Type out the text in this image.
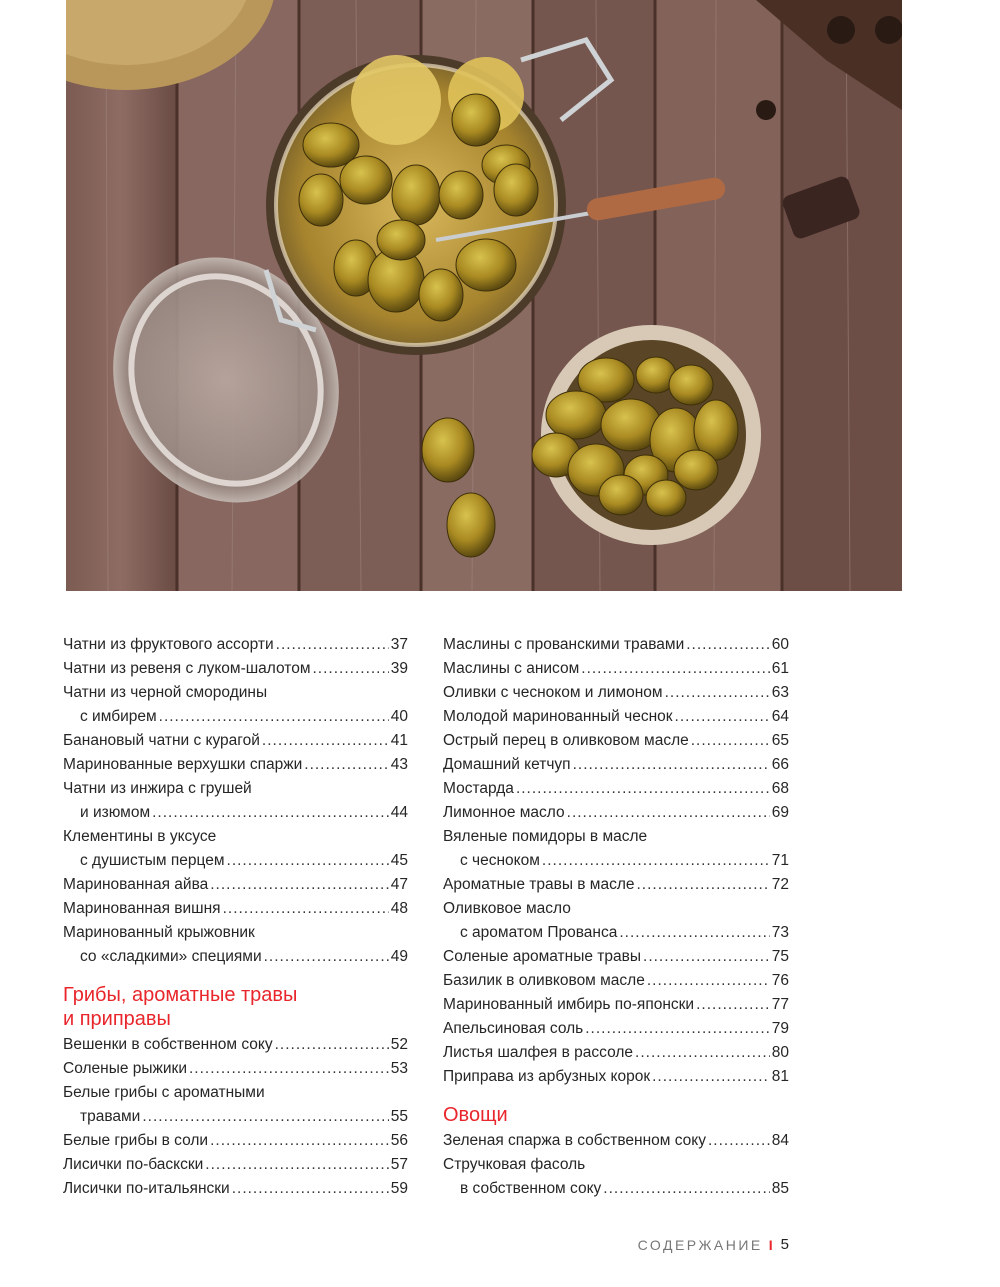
Чатни из фруктового ассорти .....	37
Чатни из ревеня с луком-шалотом .....	39
Чатни из черной смородины
с имбирем .....	40
Банановый чатни с курагой .....	41
Маринованные верхушки спаржи .....	43
Чатни из инжира с грушей
и изюмом .....	44
Клементины в уксусе
с душистым перцем .....	45
Маринованная айва .....	47
Маринованная вишня .....	48
Маринованный крыжовник
со «сладкими» специями .....	49
Грибы, ароматные травы
и приправы
Вешенки в собственном соку .....	52
Соленые рыжики .....	53
Белые грибы с ароматными
травами .....	55
Белые грибы в соли .....	56
Лисички по-баскски .....	57
Лисички по-итальянски .....	59
Маслины с прованскими травами .....	60
Маслины с анисом .....	61
Оливки с чесноком и лимоном .....	63
Молодой маринованный чеснок .....	64
Острый перец в оливковом масле .....	65
Домашний кетчуп .....	66
Мостарда .....	68
Лимонное масло .....	69
Вяленые помидоры в масле
с чесноком .....	71
Ароматные травы в масле .....	72
Оливковое масло
с ароматом Прованса .....	73
Соленые ароматные травы .....	75
Базилик в оливковом масле .....	76
Маринованный имбирь по-японски .....	77
Апельсиновая соль .....	79
Листья шалфея в рассоле .....	80
Приправа из арбузных корок .....	81
Овощи
Зеленая спаржа в собственном соку .....	84
Стручковая фасоль
в собственном соку .....	85
СОДЕРЖАНИЕ I 5
